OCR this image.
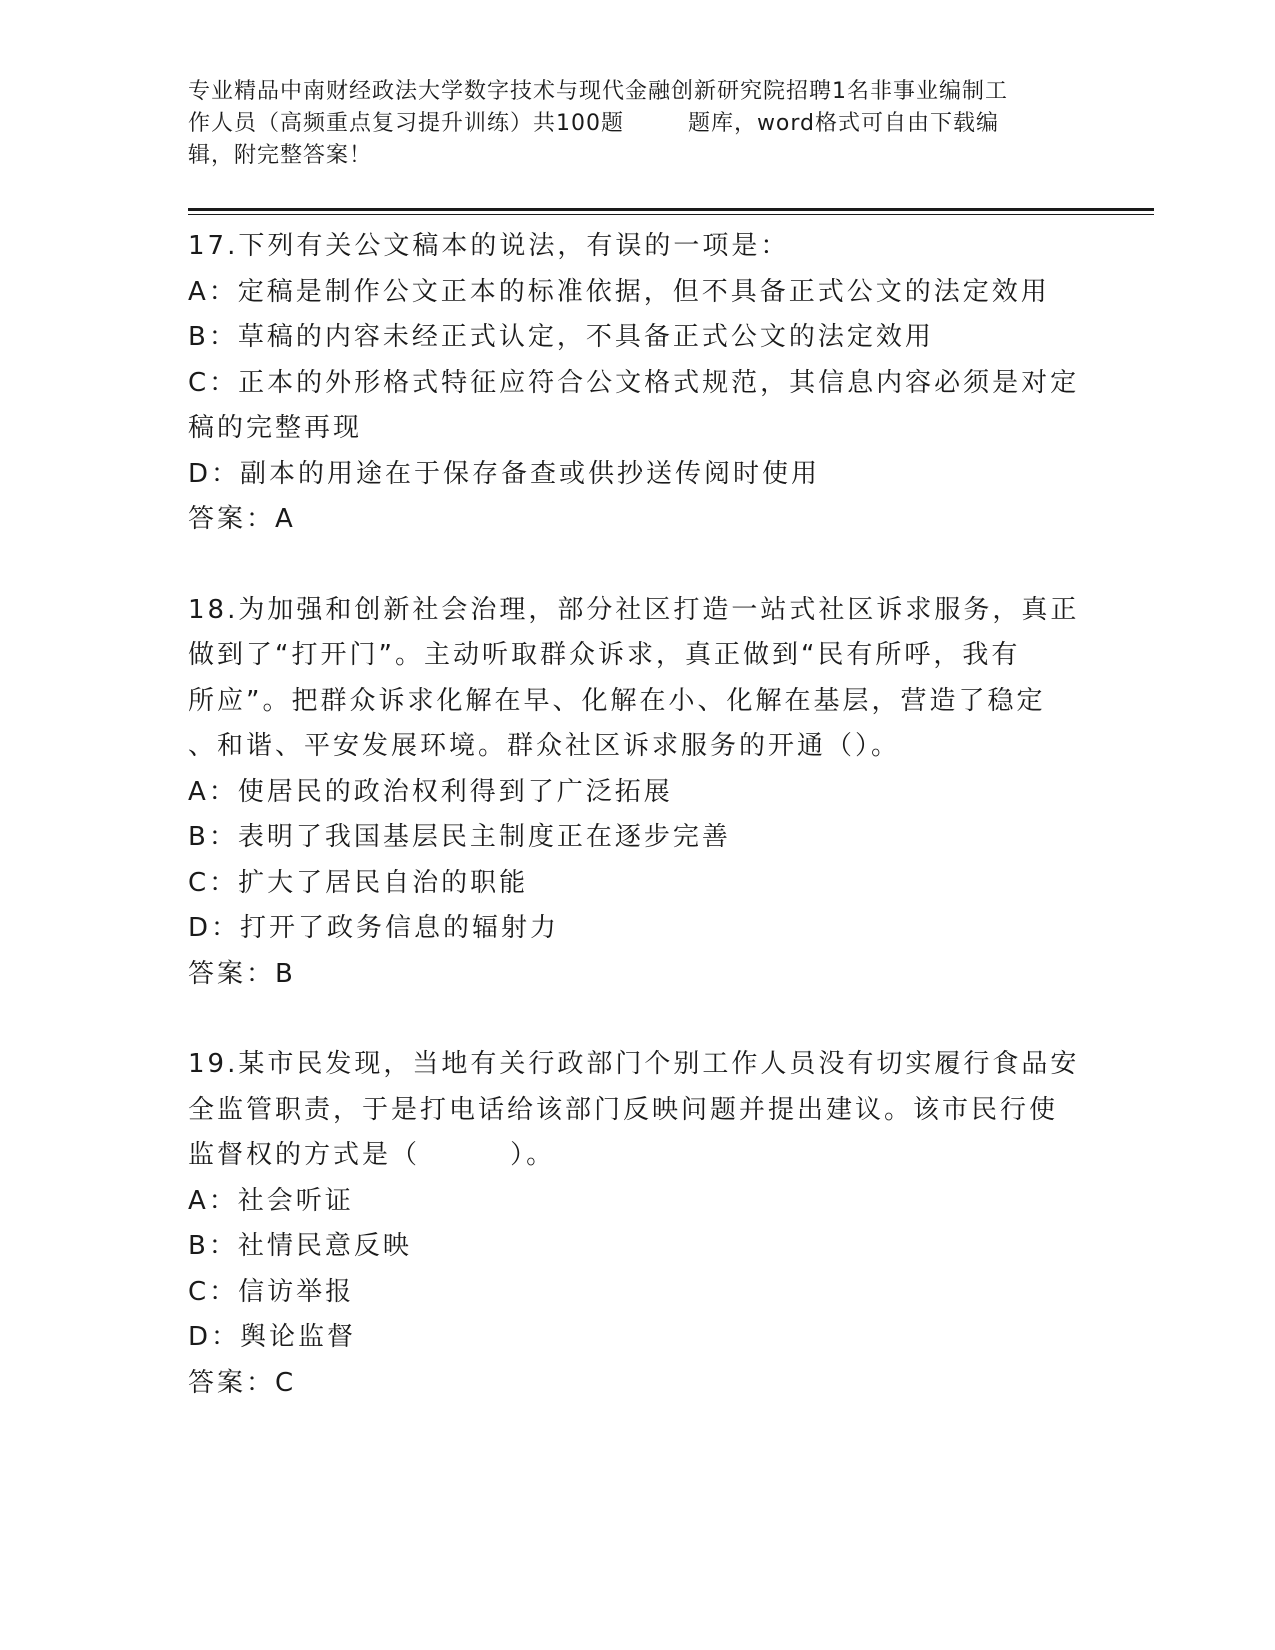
专业精品中南财经政法大学数字技术与现代金融创新研究院招聘1名非事业编制工
作人员（高频重点复习提升训练）共100题        题库，word格式可自由下载编
辑，附完整答案！
17.下列有关公文稿本的说法，有误的一项是：
A：定稿是制作公文正本的标准依据，但不具备正式公文的法定效用
B：草稿的内容未经正式认定，不具备正式公文的法定效用
C：正本的外形格式特征应符合公文格式规范，其信息内容必须是对定
稿的完整再现
D：副本的用途在于保存备查或供抄送传阅时使用
答案：A
18.为加强和创新社会治理，部分社区打造一站式社区诉求服务，真正
做到了“打开门”。主动听取群众诉求，真正做到“民有所呼，我有
所应”。把群众诉求化解在早、化解在小、化解在基层，营造了稳定
、和谐、平安发展环境。群众社区诉求服务的开通（）。
A：使居民的政治权利得到了广泛拓展
B：表明了我国基层民主制度正在逐步完善
C：扩大了居民自治的职能
D：打开了政务信息的辐射力
答案：B
19.某市民发现，当地有关行政部门个别工作人员没有切实履行食品安
全监管职责，于是打电话给该部门反映问题并提出建议。该市民行使
监督权的方式是（        ）。
A：社会听证
B：社情民意反映
C：信访举报
D：舆论监督
答案：C
